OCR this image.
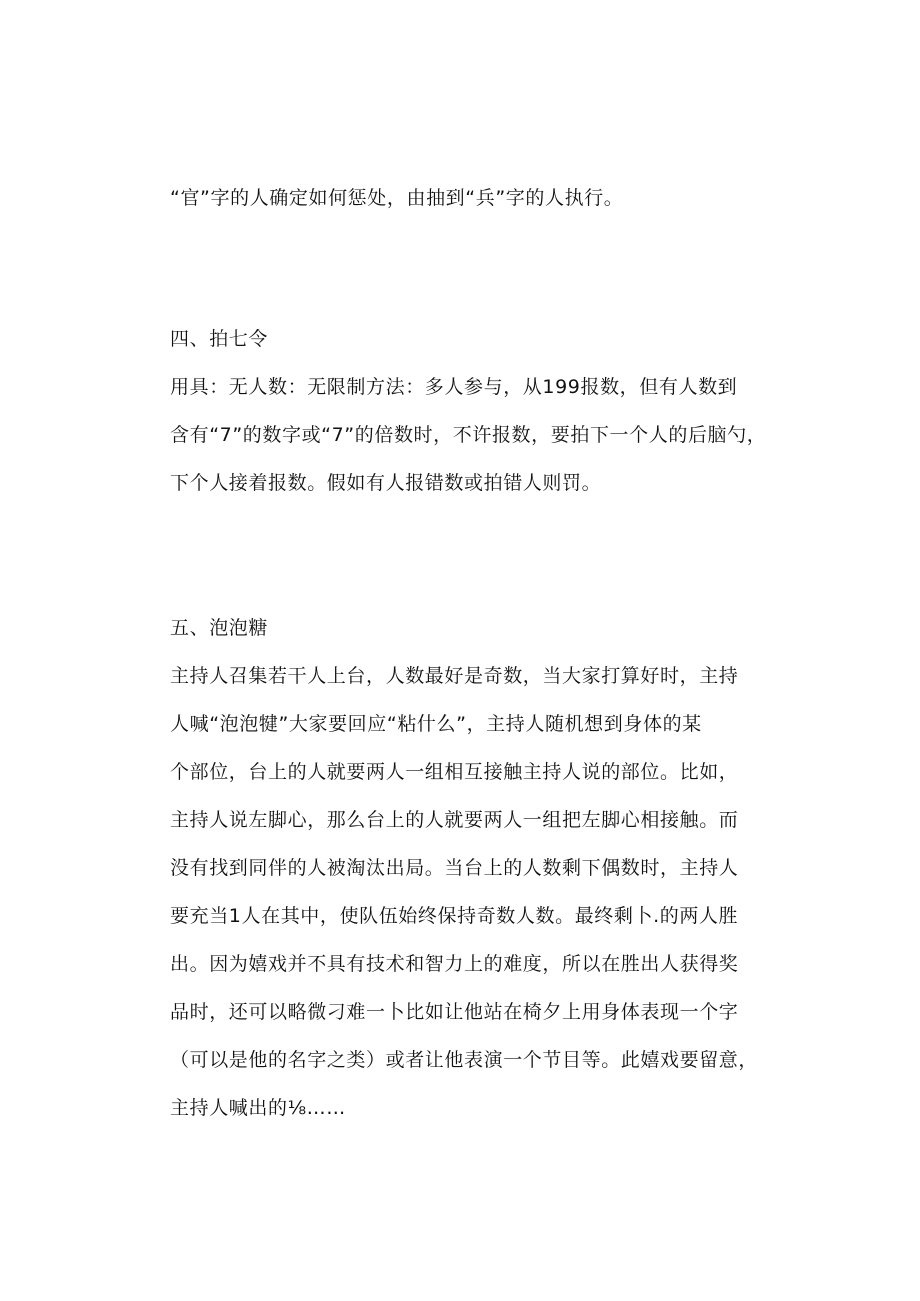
“官”字的人确定如何惩处，由抽到“兵”字的人执行。
四、拍七令
用具：无人数：无限制方法：多人参与，从199报数，但有人数到
含有“7”的数字或“7”的倍数时，不许报数，要拍下一个人的后脑勺，
下个人接着报数。假如有人报错数或拍错人则罚。
五、泡泡糖
主持人召集若干人上台，人数最好是奇数，当大家打算好时，主持
人喊“泡泡犍”大家要回应“粘什么”，主持人随机想到身体的某
个部位，台上的人就要两人一组相互接触主持人说的部位。比如，
主持人说左脚心，那么台上的人就要两人一组把左脚心相接触。而
没有找到同伴的人被淘汰出局。当台上的人数剩下偶数时，主持人
要充当1人在其中，使队伍始终保持奇数人数。最终剩卜.的两人胜
出。因为嬉戏并不具有技术和智力上的难度，所以在胜出人获得奖
品时，还可以略微刁难一卜比如让他站在椅夕上用身体表现一个字
（可以是他的名字之类）或者让他表演一个节目等。此嬉戏要留意，
主持人喊出的⅛……
